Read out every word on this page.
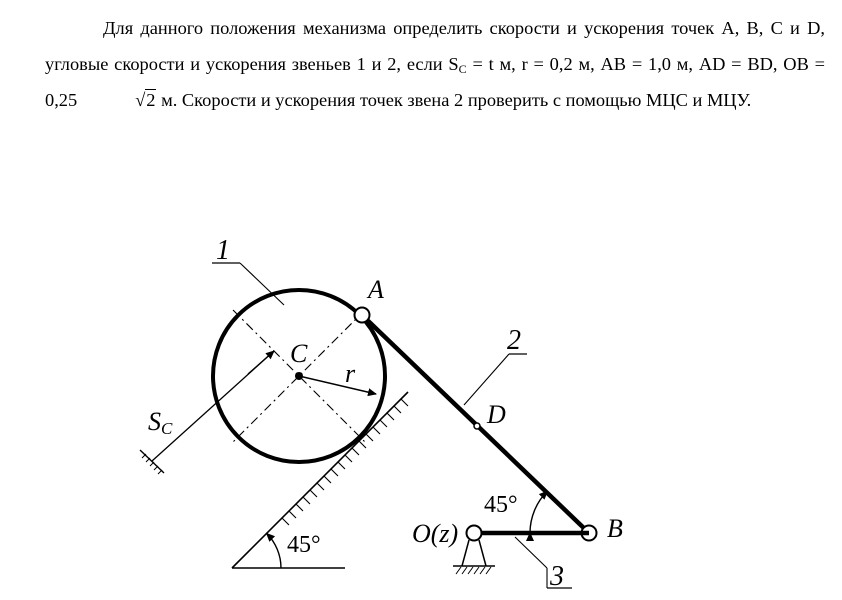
Для данного положения механизма определить скорости и ускорения точек A, B, C и D, угловые скорости и ускорения звеньев 1 и 2, если $S_C = t$ м, r = 0,2 м, AB = 1,0 м, AD = BD, OB = 0,25	√2 м. Скорости и ускорения точек звена 2 проверить с помощью МЦС и МЦУ.
45°
C
r
1
SC
A
D
B
2
O(z)
3
45°
